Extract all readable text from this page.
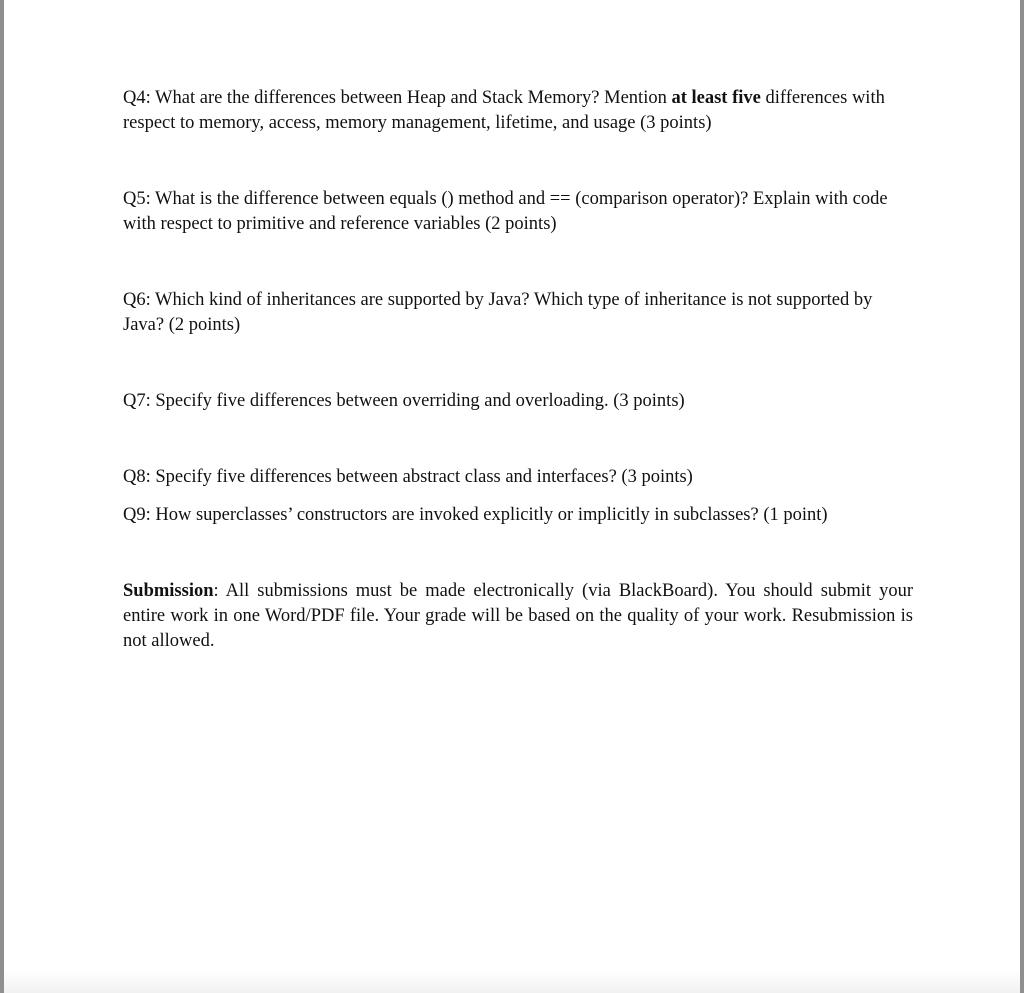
Q4: What are the differences between Heap and Stack Memory? Mention at least five differences with respect to memory, access, memory management, lifetime, and usage (3 points)

Q5: What is the difference between equals () method and == (comparison operator)? Explain with code with respect to primitive and reference variables (2 points)

Q6: Which kind of inheritances are supported by Java? Which type of inheritance is not supported by Java? (2 points)

Q7: Specify five differences between overriding and overloading. (3 points)

Q8: Specify five differences between abstract class and interfaces? (3 points)

Q9: How superclasses’ constructors are invoked explicitly or implicitly in subclasses? (1 point)

Submission: All submissions must be made electronically (via BlackBoard). You should submit your entire work in one Word/PDF file. Your grade will be based on the quality of your work. Resubmission is not allowed.
